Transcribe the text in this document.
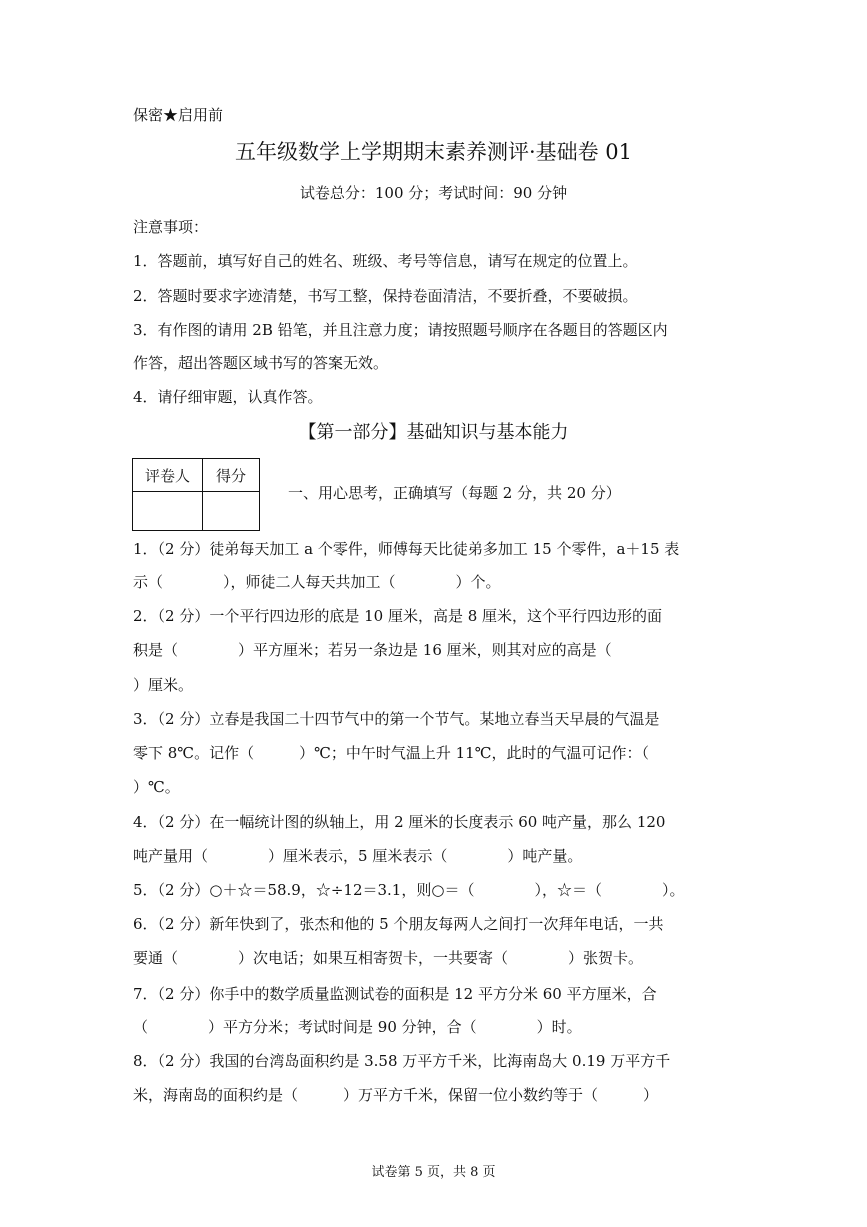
保密★启用前
五年级数学上学期期末素养测评·基础卷 01
试卷总分：100 分；考试时间：90 分钟
注意事项：
1．答题前，填写好自己的姓名、班级、考号等信息，请写在规定的位置上。
2．答题时要求字迹清楚，书写工整，保持卷面清洁，不要折叠，不要破损。
3．有作图的请用 2B 铅笔，并且注意力度；请按照题号顺序在各题目的答题区内
作答，超出答题区域书写的答案无效。
4．请仔细审题，认真作答。
【第一部分】基础知识与基本能力
评卷人	得分

一、用心思考，正确填写（每题 2 分，共 20 分）
1．（2 分）徒弟每天加工 a 个零件，师傅每天比徒弟多加工 15 个零件，a＋15 表
示（　　　　），师徒二人每天共加工（　　　　）个。
2．（2 分）一个平行四边形的底是 10 厘米，高是 8 厘米，这个平行四边形的面
积是（　　　　）平方厘米；若另一条边是 16 厘米，则其对应的高是（
）厘米。
3．（2 分）立春是我国二十四节气中的第一个节气。某地立春当天早晨的气温是
零下 8℃。记作（　　　）℃；中午时气温上升 11℃，此时的气温可记作：（
）℃。
4．（2 分）在一幅统计图的纵轴上，用 2 厘米的长度表示 60 吨产量，那么 120
吨产量用（　　　　）厘米表示，5 厘米表示（　　　　）吨产量。
5．（2 分）○＋☆＝58.9，☆÷12＝3.1，则○＝（　　　　），☆＝（　　　　）。
6．（2 分）新年快到了，张杰和他的 5 个朋友每两人之间打一次拜年电话，一共
要通（　　　　）次电话；如果互相寄贺卡，一共要寄（　　　　）张贺卡。
7．（2 分）你手中的数学质量监测试卷的面积是 12 平方分米 60 平方厘米，合
（　　　　）平方分米；考试时间是 90 分钟，合（　　　　）时。
8．（2 分）我国的台湾岛面积约是 3.58 万平方千米，比海南岛大 0.19 万平方千
米，海南岛的面积约是（　　　）万平方千米，保留一位小数约等于（　　　）
试卷第 5 页，共 8 页
